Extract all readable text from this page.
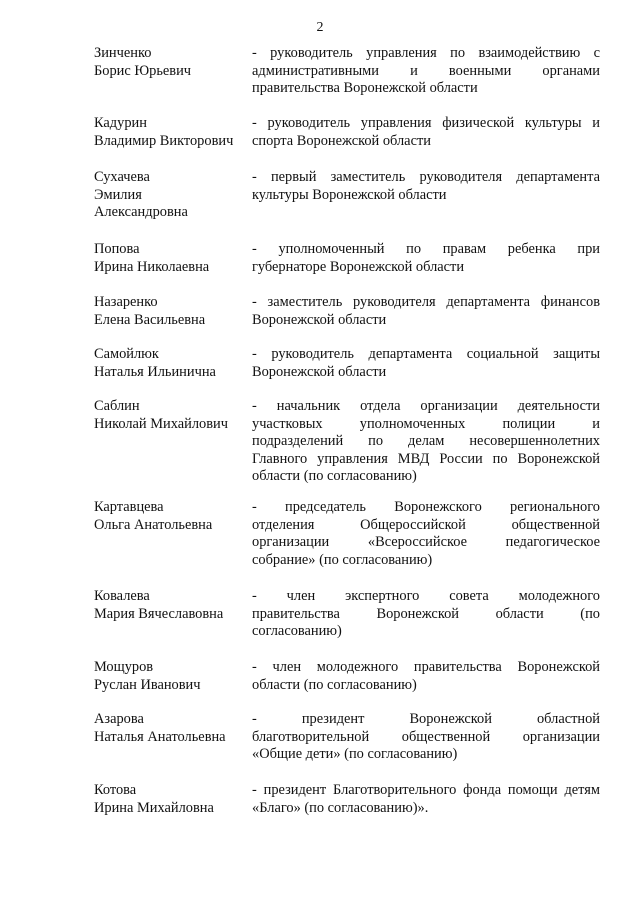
2
Зинченко
Борис Юрьевич
- руководитель управления по взаимодействию с
административными и военными органами
правительства Воронежской области
Кадурин
Владимир Викторович
- руководитель управления физической культуры и
спорта Воронежской области
Сухачева
Эмилия
Александровна
- первый заместитель руководителя департамента
культуры Воронежской области
Попова
Ирина Николаевна
- уполномоченный по правам ребенка при
губернаторе Воронежской области
Назаренко
Елена Васильевна
- заместитель руководителя департамента финансов
Воронежской области
Самойлюк
Наталья Ильинична
- руководитель департамента социальной защиты
Воронежской области
Саблин
Николай Михайлович
- начальник отдела организации деятельности
участковых уполномоченных полиции и
подразделений по делам несовершеннолетних
Главного управления МВД России по Воронежской
области (по согласованию)
Картавцева
Ольга Анатольевна
- председатель Воронежского регионального
отделения Общероссийской общественной
организации «Всероссийское педагогическое
собрание» (по согласованию)
Ковалева
Мария Вячеславовна
- член экспертного совета молодежного
правительства Воронежской области (по
согласованию)
Мощуров
Руслан Иванович
- член молодежного правительства Воронежской
области (по согласованию)
Азарова
Наталья Анатольевна
- президент Воронежской областной
благотворительной общественной организации
«Общие дети» (по согласованию)
Котова
Ирина Михайловна
- президент Благотворительного фонда помощи детям
«Благо» (по согласованию)».
